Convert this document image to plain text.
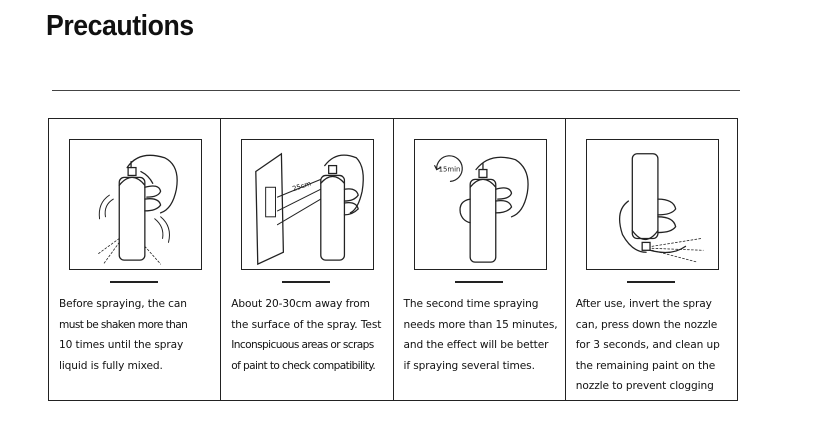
Precautions
Before spraying, the can
must be shaken more than
10 times until the spray
liquid is fully mixed.
25cm
About 20-30cm away from
the surface of the spray. Test
Inconspicuous areas or scraps
of paint to check compatibility.
15min
The second time spraying
needs more than 15 minutes,
and the effect will be better
if spraying several times.
After use, invert the spray
can, press down the nozzle
for 3 seconds, and clean up
the remaining paint on the
nozzle to prevent clogging
